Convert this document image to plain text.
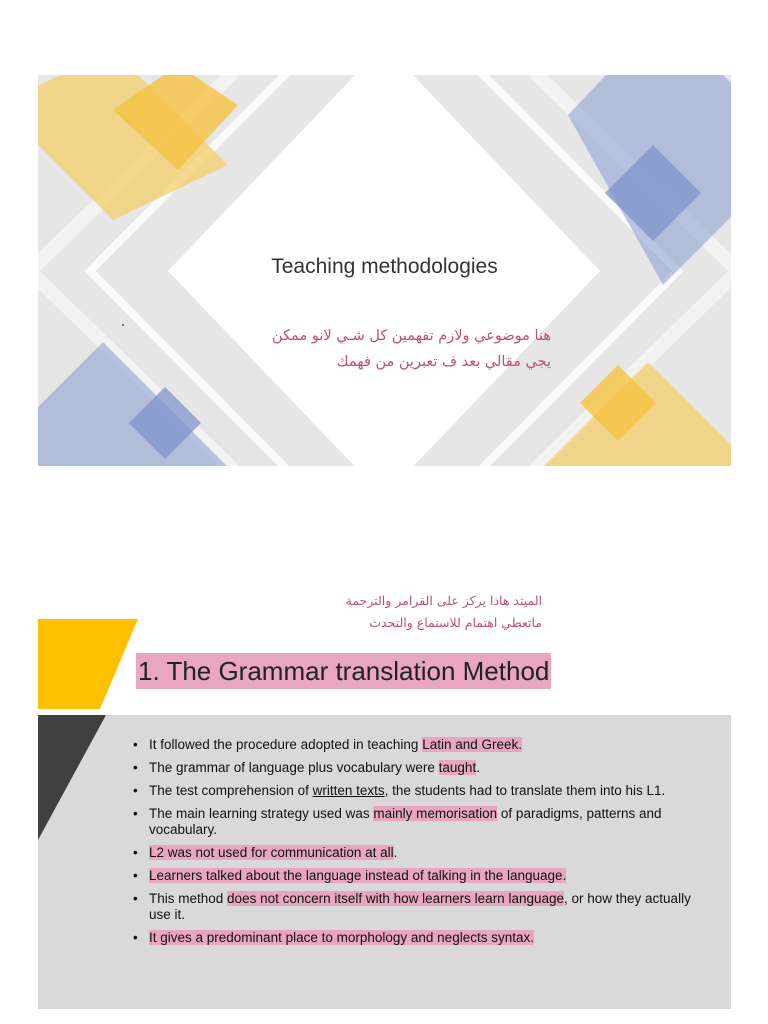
Teaching methodologies
هنا موضوعي ولازم تفهمين كل شـي لانو ممكن
يجي مقالي بعد ف تعبرين من فهمك
الميثد هاذا يركز على القرامر والترجمة
ماتعطي اهتمام للاستماع والتحدث
1. The Grammar translation Method
• It followed the procedure adopted in teaching Latin and Greek.
• The grammar of language plus vocabulary were taught.
• The test comprehension of written texts, the students had to translate them into his L1.
• The main learning strategy used was mainly memorisation of paradigms, patterns and vocabulary.
• L2 was not used for communication at all.
• Learners talked about the language instead of talking in the language.
• This method does not concern itself with how learners learn language, or how they actually use it.
• It gives a predominant place to morphology and neglects syntax.
